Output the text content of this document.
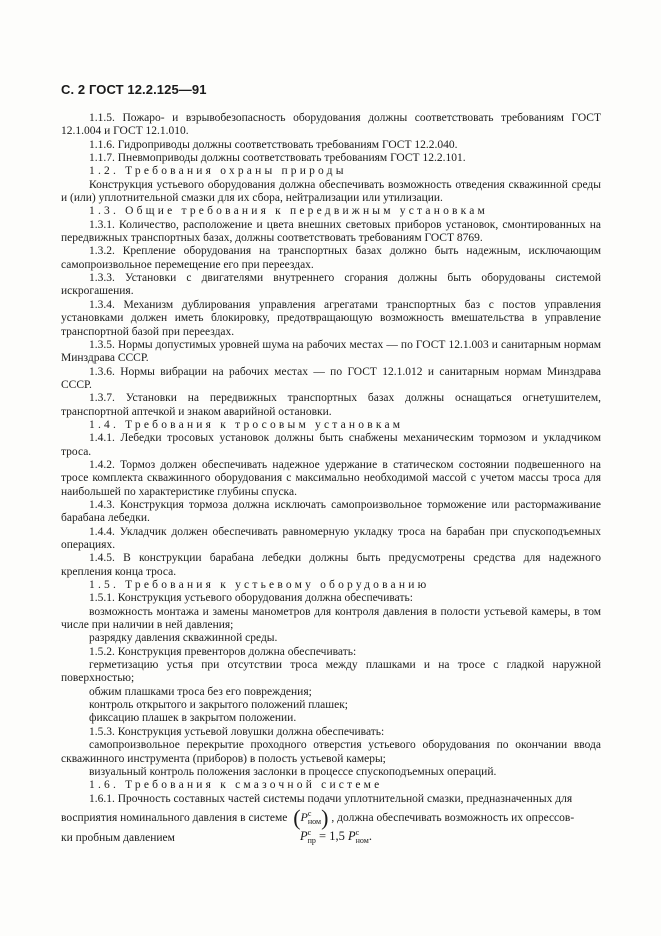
С. 2 ГОСТ 12.2.125—91

1.1.5. Пожаро- и взрывобезопасность оборудования должны соответствовать требованиям ГОСТ 12.1.004 и ГОСТ 12.1.010.

1.1.6. Гидроприводы должны соответствовать требованиям ГОСТ 12.2.040.

1.1.7. Пневмоприводы должны соответствовать требованиям ГОСТ 12.2.101.

1.2. Требования охраны природы

Конструкция устьевого оборудования должна обеспечивать возможность отведения скважинной среды и (или) уплотнительной смазки для их сбора, нейтрализации или утилизации.

1.3. Общие требования к передвижным установкам

1.3.1. Количество, расположение и цвета внешних световых приборов установок, смонтированных на передвижных транспортных базах, должны соответствовать требованиям ГОСТ 8769.

1.3.2. Крепление оборудования на транспортных базах должно быть надежным, исключающим самопроизвольное перемещение его при переездах.

1.3.3. Установки с двигателями внутреннего сгорания должны быть оборудованы системой искрогашения.

1.3.4. Механизм дублирования управления агрегатами транспортных баз с постов управления установками должен иметь блокировку, предотвращающую возможность вмешательства в управление транспортной базой при переездах.

1.3.5. Нормы допустимых уровней шума на рабочих местах — по ГОСТ 12.1.003 и санитарным нормам Минздрава СССР.

1.3.6. Нормы вибрации на рабочих местах — по ГОСТ 12.1.012 и санитарным нормам Минздрава СССР.

1.3.7. Установки на передвижных транспортных базах должны оснащаться огнетушителем, транспортной аптечкой и знаком аварийной остановки.

1.4. Требования к тросовым установкам

1.4.1. Лебедки тросовых установок должны быть снабжены механическим тормозом и укладчиком троса.

1.4.2. Тормоз должен обеспечивать надежное удержание в статическом состоянии подвешенного на тросе комплекта скважинного оборудования с максимально необходимой массой с учетом массы троса для наибольшей по характеристике глубины спуска.

1.4.3. Конструкция тормоза должна исключать самопроизвольное торможение или растормаживание барабана лебедки.

1.4.4. Укладчик должен обеспечивать равномерную укладку троса на барабан при спускоподъемных операциях.

1.4.5. В конструкции барабана лебедки должны быть предусмотрены средства для надежного крепления конца троса.

1.5. Требования к устьевому оборудованию

1.5.1. Конструкция устьевого оборудования должна обеспечивать:

возможность монтажа и замены манометров для контроля давления в полости устьевой камеры, в том числе при наличии в ней давления;

разрядку давления скважинной среды.

1.5.2. Конструкция превенторов должна обеспечивать:

герметизацию устья при отсутствии троса между плашками и на тросе с гладкой наружной поверхностью;

обжим плашками троса без его повреждения;

контроль открытого и закрытого положений плашек;

фиксацию плашек в закрытом положении.

1.5.3. Конструкция устьевой ловушки должна обеспечивать:

самопроизвольное перекрытие проходного отверстия устьевого оборудования по окончании ввода скважинного инструмента (приборов) в полость устьевой камеры;

визуальный контроль положения заслонки в процессе спускоподъемных операций.

1.6. Требования к смазочной системе

1.6.1. Прочность составных частей системы подачи уплотнительной смазки, предназначенных для

восприятия номинального давления в системе (Pс
ном) , должна обеспечивать возможность их опрессов-

ки пробным давлением	Pс
пр = 1,5 Pс
ном.
